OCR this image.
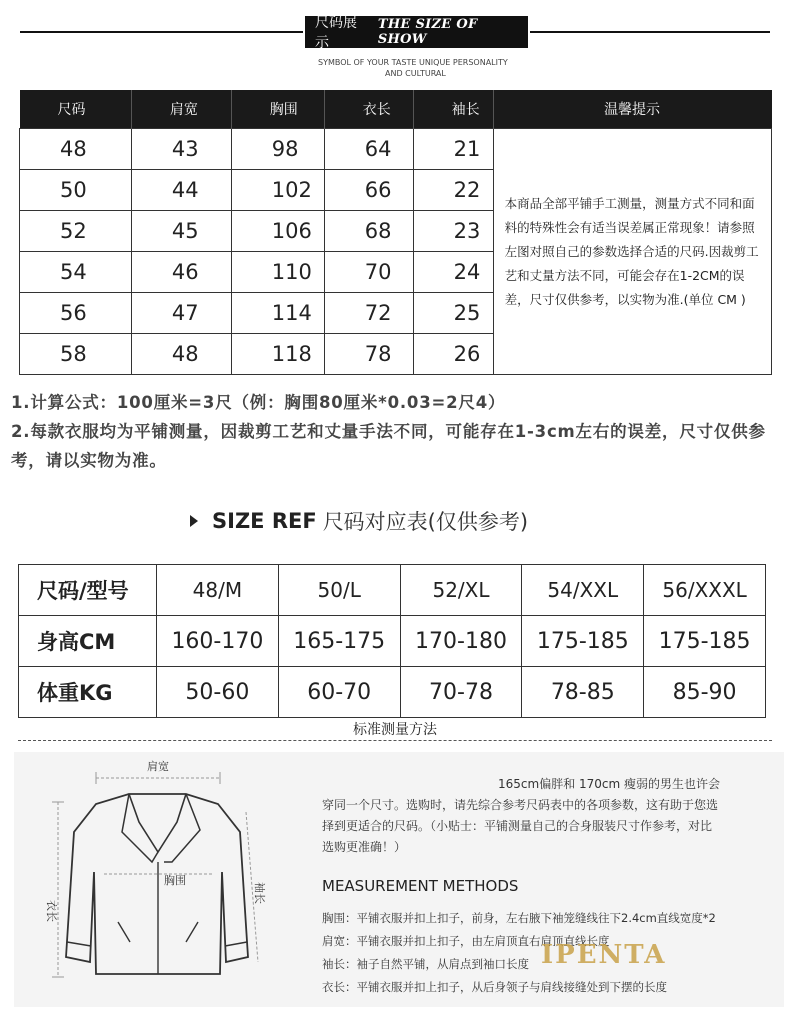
尺码展示
THE SIZE OF SHOW
SYMBOL OF YOUR TASTE UNIQUE PERSONALITY
AND CULTURAL
尺码	肩宽	胸围	衣长	袖长	温馨提示
48	43	98	64	21	本商品全部平铺手工测量，测量方式不同和面料的特殊性会有适当误差属正常现象！请参照左图对照自己的参数选择合适的尺码.因裁剪工艺和丈量方法不同，可能会存在1-2CM的误差，尺寸仅供参考，以实物为准.(单位 CM )
50	44	102	66	22	
52	45	106	68	23	
54	46	110	70	24	
56	47	114	72	25	
58	48	118	78	26	
1.计算公式：100厘米=3尺（例：胸围80厘米*0.03=2尺4）
2.每款衣服均为平铺测量，因裁剪工艺和丈量手法不同，可能存在1-3cm左右的误差，尺寸仅供参考，请以实物为准。
SIZE REF 尺码对应表(仅供参考)
尺码/型号	48/M	50/L	52/XL	54/XXL	56/XXXL
身高CM	160-170	165-175	170-180	175-185	175-185
体重KG	50-60	60-70	70-78	78-85	85-90
标准测量方法
肩宽
胸围
衣长
袖长
165cm偏胖和 170cm 瘦弱的男生也许会
穿同一个尺寸。选购时，请先综合参考尺码表中的各项参数，这有助于您选
择到更适合的尺码。（小贴士：平铺测量自己的合身服装尺寸作参考，对比
选购更准确！）
MEASUREMENT METHODS
胸围：平铺衣服并扣上扣子，前身，左右腋下袖笼缝线往下2.4cm直线宽度*2
肩宽：平铺衣服并扣上扣子，由左肩顶直右肩顶直线长度
袖长：袖子自然平铺，从肩点到袖口长度
衣长：平铺衣服并扣上扣子，从后身领子与肩线接缝处到下摆的长度
IPENTA
